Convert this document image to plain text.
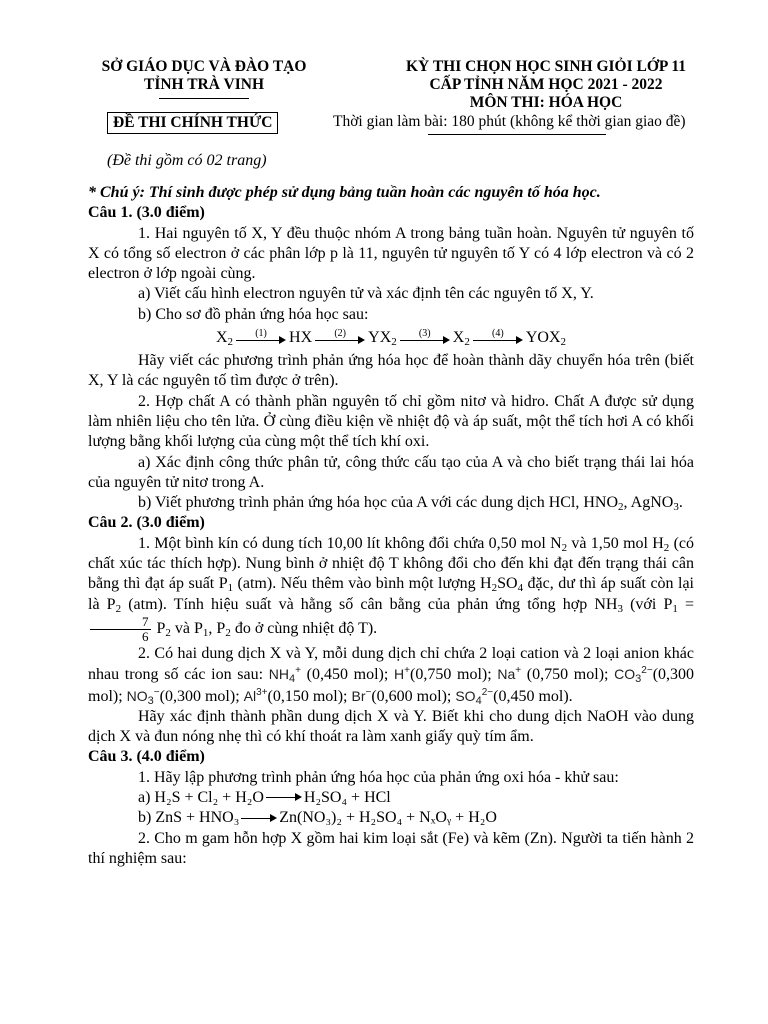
SỞ GIÁO DỤC VÀ ĐÀO TẠO
TỈNH TRÀ VINH
KỲ THI CHỌN HỌC SINH GIỎI LỚP 11
CẤP TỈNH NĂM HỌC 2021 - 2022
MÔN THI: HÓA HỌC
ĐỀ THI CHÍNH THỨC	Thời gian làm bài: 180 phút (không kể thời gian giao đề)
(Đề thi gồm có 02 trang)

* Chú ý: Thí sinh được phép sử dụng bảng tuần hoàn các nguyên tố hóa học.

Câu 1. (3.0 điểm)

1. Hai nguyên tố X, Y đều thuộc nhóm A trong bảng tuần hoàn. Nguyên tử nguyên tố X có tổng số electron ở các phân lớp p là 11, nguyên tử nguyên tố Y có 4 lớp electron và có 2 electron ở lớp ngoài cùng.

a) Viết cấu hình electron nguyên tử và xác định tên các nguyên tố X, Y.

b) Cho sơ đồ phản ứng hóa học sau:

$X_2$
(1)	HX	(2)	$YX_2$
(3)	$X_2$
(4)	$YOX_2$

Hãy viết các phương trình phản ứng hóa học để hoàn thành dãy chuyển hóa trên (biết X, Y là các nguyên tố tìm được ở trên).

2. Hợp chất A có thành phần nguyên tố chỉ gồm nitơ và hidro. Chất A được sử dụng làm nhiên liệu cho tên lửa. Ở cùng điều kiện về nhiệt độ và áp suất, một thể tích hơi A có khối lượng bằng khối lượng của cùng một thể tích khí oxi.

a) Xác định công thức phân tử, công thức cấu tạo của A và cho biết trạng thái lai hóa của nguyên tử nitơ trong A.

b) Viết phương trình phản ứng hóa học của A với các dung dịch HCl, $HNO_2$, AgNO$_3$.

Câu 2. (3.0 điểm)

1. Một bình kín có dung tích 10,00 lít không đổi chứa 0,50 mol $N_2$ và 1,50 mol $H_2$ (có chất xúc tác thích hợp). Nung bình ở nhiệt độ T không đổi cho đến khi đạt đến trạng thái cân bằng thì đạt áp suất $P_1$ (atm). Nếu thêm vào bình một lượng $H_2SO_4$ đặc, dư thì áp suất còn lại là $P_2$ (atm). Tính hiệu suất và hằng số cân bằng của phản ứng tổng hợp $NH_3$ (với $P_1$ =
$\frac{7}{6} P_2$ và $P_1$, $P_2$ đo ở cùng nhiệt độ T).

2. Có hai dung dịch X và Y, mỗi dung dịch chỉ chứa 2 loại cation và 2 loại anion khác nhau trong số các ion sau: $NH_4^+$ (0,450 mol); H+(0,750 mol); Na+ (0,750 mol); $CO_3^{2-}(0,300$ mol); $NO_3^-(0,300$ mol); $Al^{3+}(0,150$ mol); Br−(0,600 mol); $SO_4^{2-}(0,450$ mol).

Hãy xác định thành phần dung dịch X và Y. Biết khi cho dung dịch NaOH vào dung dịch X và đun nóng nhẹ thì có khí thoát ra làm xanh giấy quỳ tím ẩm.

Câu 3. (4.0 điểm)

1. Hãy lập phương trình phản ứng hóa học của phản ứng oxi hóa - khử sau:

a) H₂S + Cl₂ + H₂O	H₂SO₄ + HCl

b) ZnS + HNO₃	Zn(NO₃)₂ + H₂SO₄ + NₓOᵧ + H₂O

2. Cho m gam hỗn hợp X gồm hai kim loại sắt (Fe) và kẽm (Zn). Người ta tiến hành 2 thí nghiệm sau:
